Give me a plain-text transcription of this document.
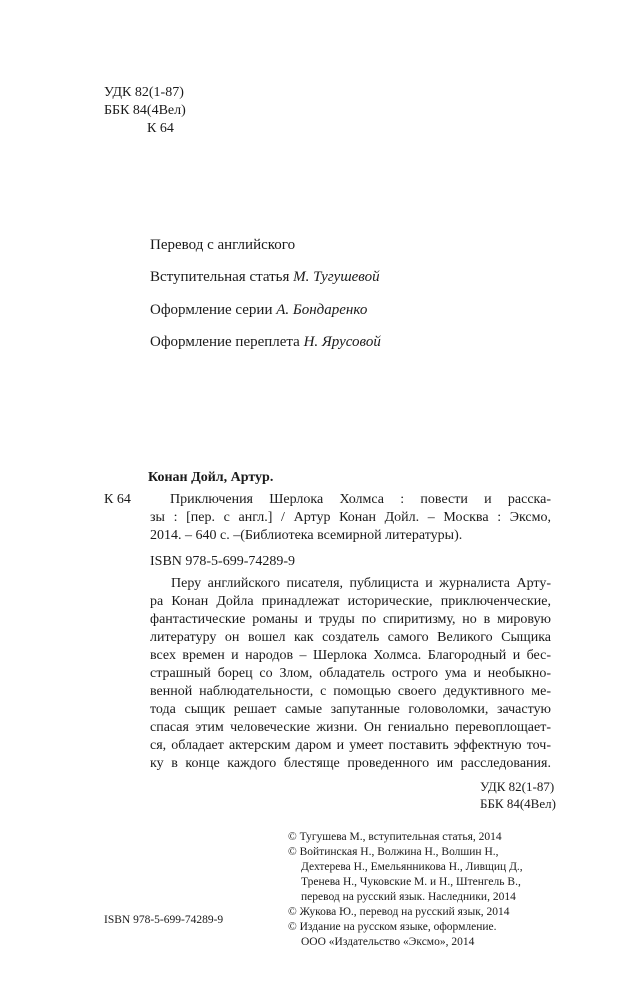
УДК 82(1-87)
ББК 84(4Вел)
К 64
Перевод с английского
Вступительная статья М. Тугушевой
Оформление серии А. Бондаренко
Оформление переплета Н. Ярусовой
Конан Дойл, Артур.
К 64	Приключения Шерлока Холмса : повести и расска-
зы : [пер. с англ.] / Артур Конан Дойл. – Москва : Эксмо,
2014. – 640 с. –(Библиотека всемирной литературы).
ISBN 978-5-699-74289-9
Перу английского писателя, публициста и журналиста Арту-
ра Конан Дойла принадлежат исторические, приключенческие,
фантастические романы и труды по спиритизму, но в мировую
литературу он вошел как создатель самого Великого Сыщика
всех времен и народов – Шерлока Холмса. Благородный и бес-
страшный борец со Злом, обладатель острого ума и необыкно-
венной наблюдательности, с помощью своего дедуктивного ме-
тода сыщик решает самые запутанные головоломки, зачастую
спасая этим человеческие жизни. Он гениально перевоплощает-
ся, обладает актерским даром и умеет поставить эффектную точ-
ку в конце каждого блестяще проведенного им расследования.
УДК 82(1-87)
ББК 84(4Вел)
ISBN 978-5-699-74289-9
© Тугушева М., вступительная статья, 2014
© Войтинская Н., Волжина Н., Волшин Н.,
Дехтерева Н., Емельянникова Н., Ливщиц Д.,
Тренева Н., Чуковские М. и Н., Штенгель В.,
перевод на русский язык. Наследники, 2014
© Жукова Ю., перевод на русский язык, 2014
© Издание на русском языке, оформление.
ООО «Издательство «Эксмо», 2014
